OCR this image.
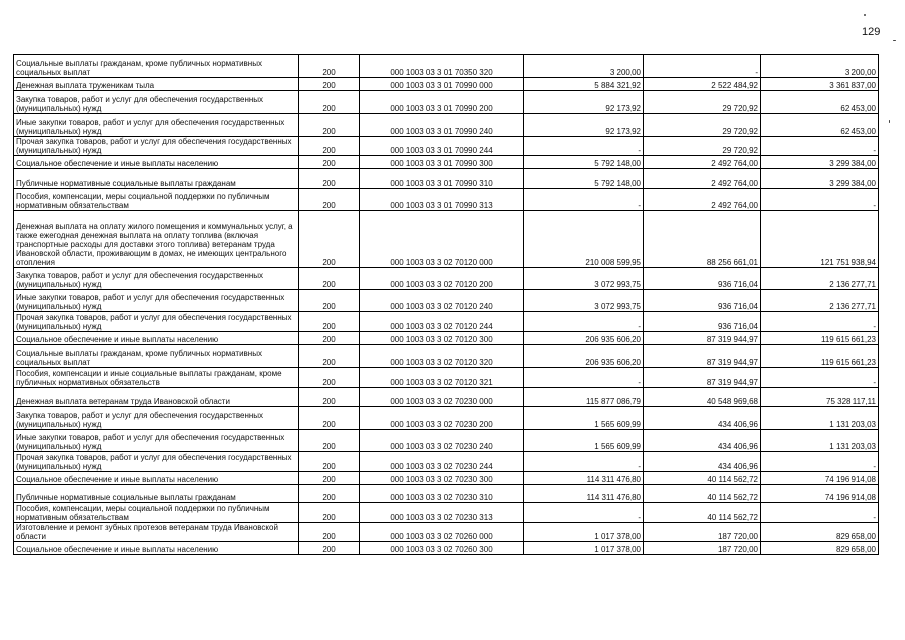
129
Социальные выплаты гражданам, кроме публичных нормативных социальных выплат	200	000 1003 03 3 01 70350 320	3 200,00	-	3 200,00
Денежная выплата труженикам тыла	200	000 1003 03 3 01 70990 000	5 884 321,92	2 522 484,92	3 361 837,00
Закупка товаров, работ и услуг для обеспечения государственных (муниципальных) нужд	200	000 1003 03 3 01 70990 200	92 173,92	29 720,92	62 453,00
Иные закупки товаров, работ и услуг для обеспечения государственных (муниципальных) нужд	200	000 1003 03 3 01 70990 240	92 173,92	29 720,92	62 453,00
Прочая закупка товаров, работ и услуг для обеспечения государственных (муниципальных) нужд	200	000 1003 03 3 01 70990 244	-	29 720,92	-
Социальное обеспечение и иные выплаты населению	200	000 1003 03 3 01 70990 300	5 792 148,00	2 492 764,00	3 299 384,00
Публичные нормативные социальные выплаты гражданам	200	000 1003 03 3 01 70990 310	5 792 148,00	2 492 764,00	3 299 384,00
Пособия, компенсации, меры социальной поддержки по публичным нормативным обязательствам	200	000 1003 03 3 01 70990 313	-	2 492 764,00	-
Денежная выплата на оплату жилого помещения и коммунальных услуг, а также ежегодная денежная выплата на оплату топлива (включая транспортные расходы для доставки этого топлива) ветеранам труда Ивановской области, проживающим в домах, не имеющих центрального отопления	200	000 1003 03 3 02 70120 000	210 008 599,95	88 256 661,01	121 751 938,94
Закупка товаров, работ и услуг для обеспечения государственных (муниципальных) нужд	200	000 1003 03 3 02 70120 200	3 072 993,75	936 716,04	2 136 277,71
Иные закупки товаров, работ и услуг для обеспечения государственных (муниципальных) нужд	200	000 1003 03 3 02 70120 240	3 072 993,75	936 716,04	2 136 277,71
Прочая закупка товаров, работ и услуг для обеспечения государственных (муниципальных) нужд	200	000 1003 03 3 02 70120 244	-	936 716,04	-
Социальное обеспечение и иные выплаты населению	200	000 1003 03 3 02 70120 300	206 935 606,20	87 319 944,97	119 615 661,23
Социальные выплаты гражданам, кроме публичных нормативных социальных выплат	200	000 1003 03 3 02 70120 320	206 935 606,20	87 319 944,97	119 615 661,23
Пособия, компенсации и иные социальные выплаты гражданам, кроме публичных нормативных обязательств	200	000 1003 03 3 02 70120 321	-	87 319 944,97	-
Денежная выплата ветеранам труда Ивановской области	200	000 1003 03 3 02 70230 000	115 877 086,79	40 548 969,68	75 328 117,11
Закупка товаров, работ и услуг для обеспечения государственных (муниципальных) нужд	200	000 1003 03 3 02 70230 200	1 565 609,99	434 406,96	1 131 203,03
Иные закупки товаров, работ и услуг для обеспечения государственных (муниципальных) нужд	200	000 1003 03 3 02 70230 240	1 565 609,99	434 406,96	1 131 203,03
Прочая закупка товаров, работ и услуг для обеспечения государственных (муниципальных) нужд	200	000 1003 03 3 02 70230 244	-	434 406,96	-
Социальное обеспечение и иные выплаты населению	200	000 1003 03 3 02 70230 300	114 311 476,80	40 114 562,72	74 196 914,08
Публичные нормативные социальные выплаты гражданам	200	000 1003 03 3 02 70230 310	114 311 476,80	40 114 562,72	74 196 914,08
Пособия, компенсации, меры социальной поддержки по публичным нормативным обязательствам	200	000 1003 03 3 02 70230 313	-	40 114 562,72	-
Изготовление и ремонт зубных протезов ветеранам труда Ивановской области	200	000 1003 03 3 02 70260 000	1 017 378,00	187 720,00	829 658,00
Социальное обеспечение и иные выплаты населению	200	000 1003 03 3 02 70260 300	1 017 378,00	187 720,00	829 658,00
